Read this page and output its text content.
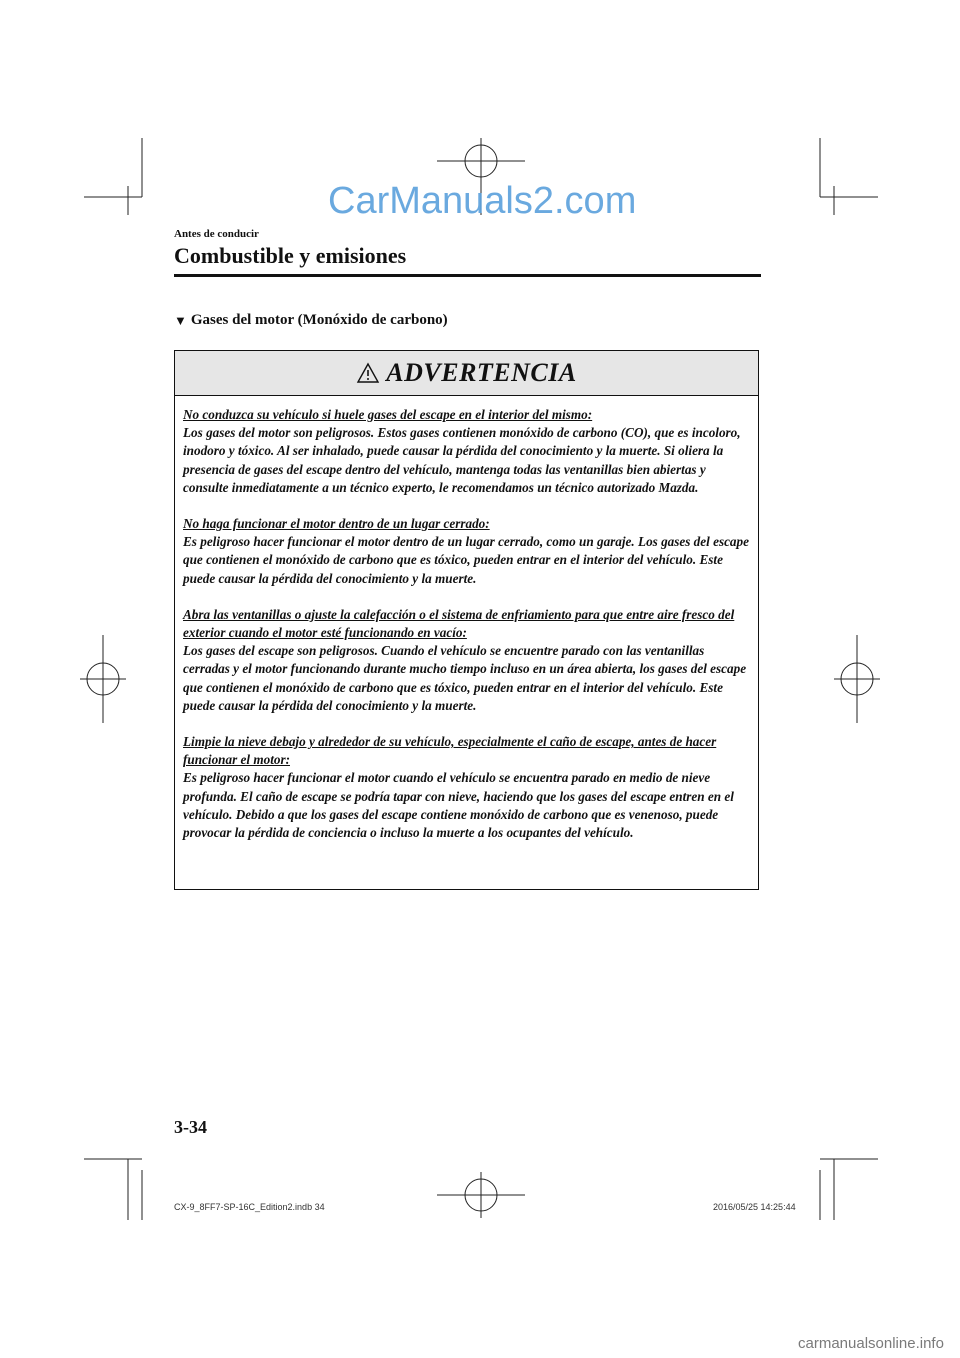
CarManuals2.com
Antes de conducir
Combustible y emisiones
▼ Gases del motor (Monóxido de carbono)
ADVERTENCIA

No conduzca su vehículo si huele gases del escape en el interior del mismo:
Los gases del motor son peligrosos. Estos gases contienen monóxido de carbono (CO), que es incoloro, inodoro y tóxico. Al ser inhalado, puede causar la pérdida del conocimiento y la muerte. Si oliera la presencia de gases del escape dentro del vehículo, mantenga todas las ventanillas bien abiertas y consulte inmediatamente a un técnico experto, le recomendamos un técnico autorizado Mazda.

No haga funcionar el motor dentro de un lugar cerrado:
Es peligroso hacer funcionar el motor dentro de un lugar cerrado, como un garaje. Los gases del escape que contienen el monóxido de carbono que es tóxico, pueden entrar en el interior del vehículo. Este puede causar la pérdida del conocimiento y la muerte.

Abra las ventanillas o ajuste la calefacción o el sistema de enfriamiento para que entre aire fresco del exterior cuando el motor esté funcionando en vacío:
Los gases del escape son peligrosos. Cuando el vehículo se encuentre parado con las ventanillas cerradas y el motor funcionando durante mucho tiempo incluso en un área abierta, los gases del escape que contienen el monóxido de carbono que es tóxico, pueden entrar en el interior del vehículo. Este puede causar la pérdida del conocimiento y la muerte.

Limpie la nieve debajo y alrededor de su vehículo, especialmente el caño de escape, antes de hacer funcionar el motor:
Es peligroso hacer funcionar el motor cuando el vehículo se encuentra parado en medio de nieve profunda. El caño de escape se podría tapar con nieve, haciendo que los gases del escape entren en el vehículo. Debido a que los gases del escape contiene monóxido de carbono que es venenoso, puede provocar la pérdida de conciencia o incluso la muerte a los ocupantes del vehículo.

3-34
CX-9_8FF7-SP-16C_Edition2.indb 34	2016/05/25 14:25:44
carmanualsonline.info
